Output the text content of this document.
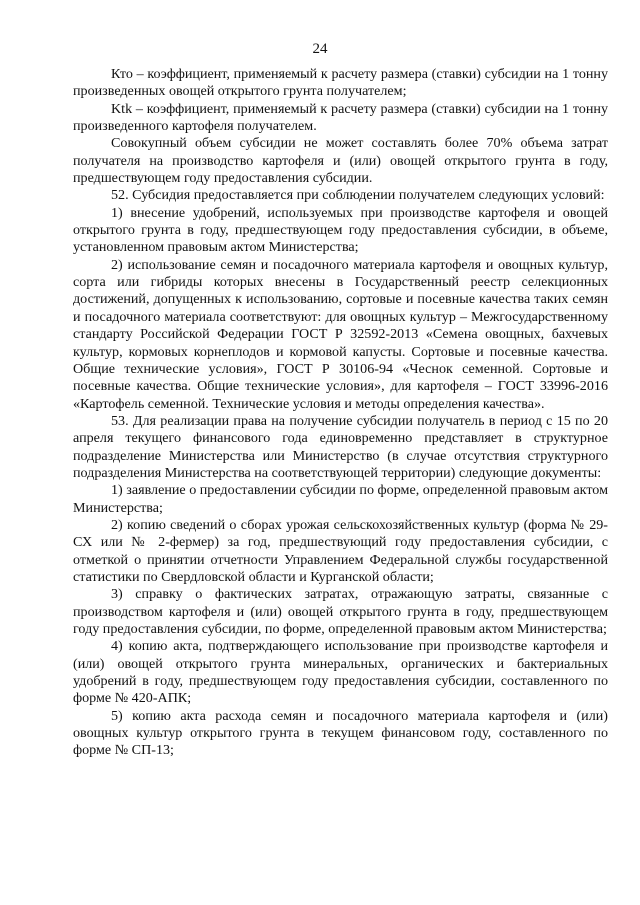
24

Кто – коэффициент, применяемый к расчету размера (ставки) субсидии на 1 тонну произведенных овощей открытого грунта получателем;

Ktk – коэффициент, применяемый к расчету размера (ставки) субсидии на 1 тонну произведенного картофеля получателем.

Совокупный объем субсидии не может составлять более 70% объема затрат получателя на производство картофеля и (или) овощей открытого грунта в году, предшествующем году предоставления субсидии.

52. Субсидия предоставляется при соблюдении получателем следующих условий:

1) внесение удобрений, используемых при производстве картофеля и овощей открытого грунта в году, предшествующем году предоставления субсидии, в объеме, установленном правовым актом Министерства;

2) использование семян и посадочного материала картофеля и овощных культур, сорта или гибриды которых внесены в Государственный реестр селекционных достижений, допущенных к использованию, сортовые и посевные качества таких семян и посадочного материала соответствуют: для овощных культур – Межгосударственному стандарту Российской Федерации ГОСТ Р 32592-2013 «Семена овощных, бахчевых культур, кормовых корнеплодов и кормовой капусты. Сортовые и посевные качества. Общие технические условия», ГОСТ Р 30106-94 «Чеснок семенной. Сортовые и посевные качества. Общие технические условия», для картофеля – ГОСТ 33996-2016 «Картофель семенной. Технические условия и методы определения качества».

53. Для реализации права на получение субсидии получатель в период с 15 по 20 апреля текущего финансового года единовременно представляет в структурное подразделение Министерства или Министерство (в случае отсутствия структурного подразделения Министерства на соответствующей территории) следующие документы:

1) заявление о предоставлении субсидии по форме, определенной правовым актом Министерства;

2) копию сведений о сборах урожая сельскохозяйственных культур (форма № 29-СХ или № 2-фермер) за год, предшествующий году предоставления субсидии, с отметкой о принятии отчетности Управлением Федеральной службы государственной статистики по Свердловской области и Курганской области;

3) справку о фактических затратах, отражающую затраты, связанные с производством картофеля и (или) овощей открытого грунта в году, предшествующем году предоставления субсидии, по форме, определенной правовым актом Министерства;

4) копию акта, подтверждающего использование при производстве картофеля и (или) овощей открытого грунта минеральных, органических и бактериальных удобрений в году, предшествующем году предоставления субсидии, составленного по форме № 420-АПК;

5) копию акта расхода семян и посадочного материала картофеля и (или) овощных культур открытого грунта в текущем финансовом году, составленного по форме № СП-13;
